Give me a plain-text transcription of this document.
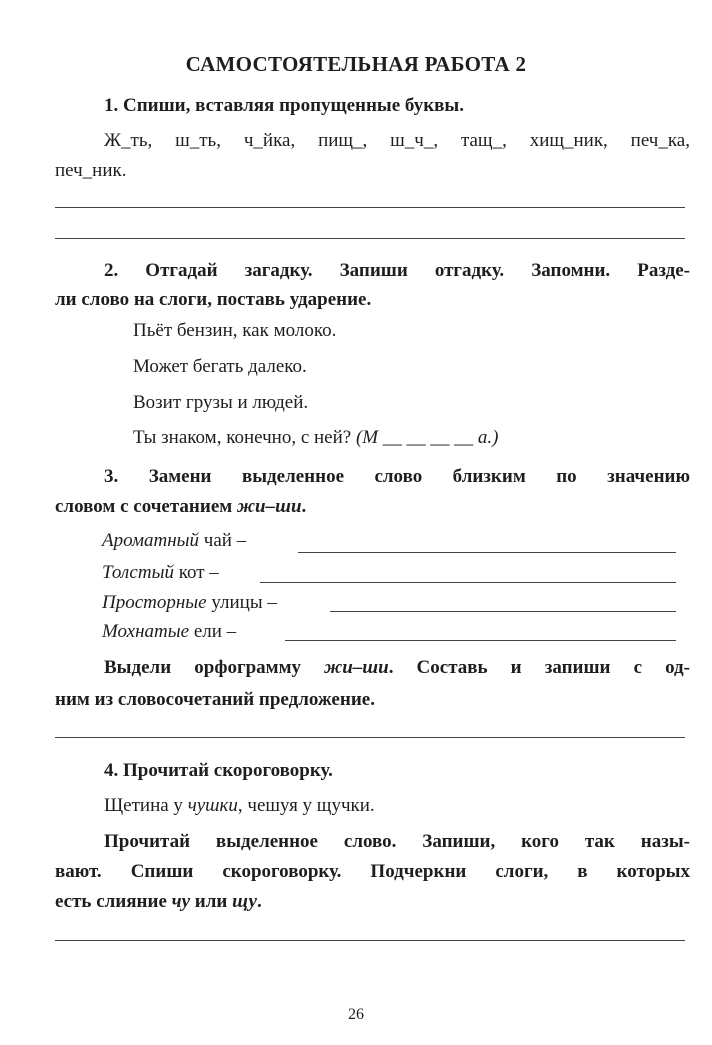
САМОСТОЯТЕЛЬНАЯ РАБОТА 2
1. Спиши, вставляя пропущенные буквы.
Ж_ть, ш_ть, ч_йка, пищ_, ш_ч_, тащ_, хищ_ник, печ_ка,
печ_ник.
2. Отгадай загадку. Запиши отгадку. Запомни. Разде-
ли слово на слоги, поставь ударение.
Пьёт бензин, как молоко.
Может бегать далеко.
Возит грузы и людей.
Ты знаком, конечно, с ней? (М __ __ __ __ а.)
3. Замени выделенное слово близким по значению
словом с сочетанием жи–ши.
Ароматный чай –
Толстый кот –
Просторные улицы –
Мохнатые ели –
Выдели орфограмму жи–ши. Составь и запиши с од-
ним из словосочетаний предложение.
4. Прочитай скороговорку.
Щетина у чушки, чешуя у щучки.
Прочитай выделенное слово. Запиши, кого так назы-
вают. Спиши скороговорку. Подчеркни слоги, в которых
есть слияние чу или щу.
26
